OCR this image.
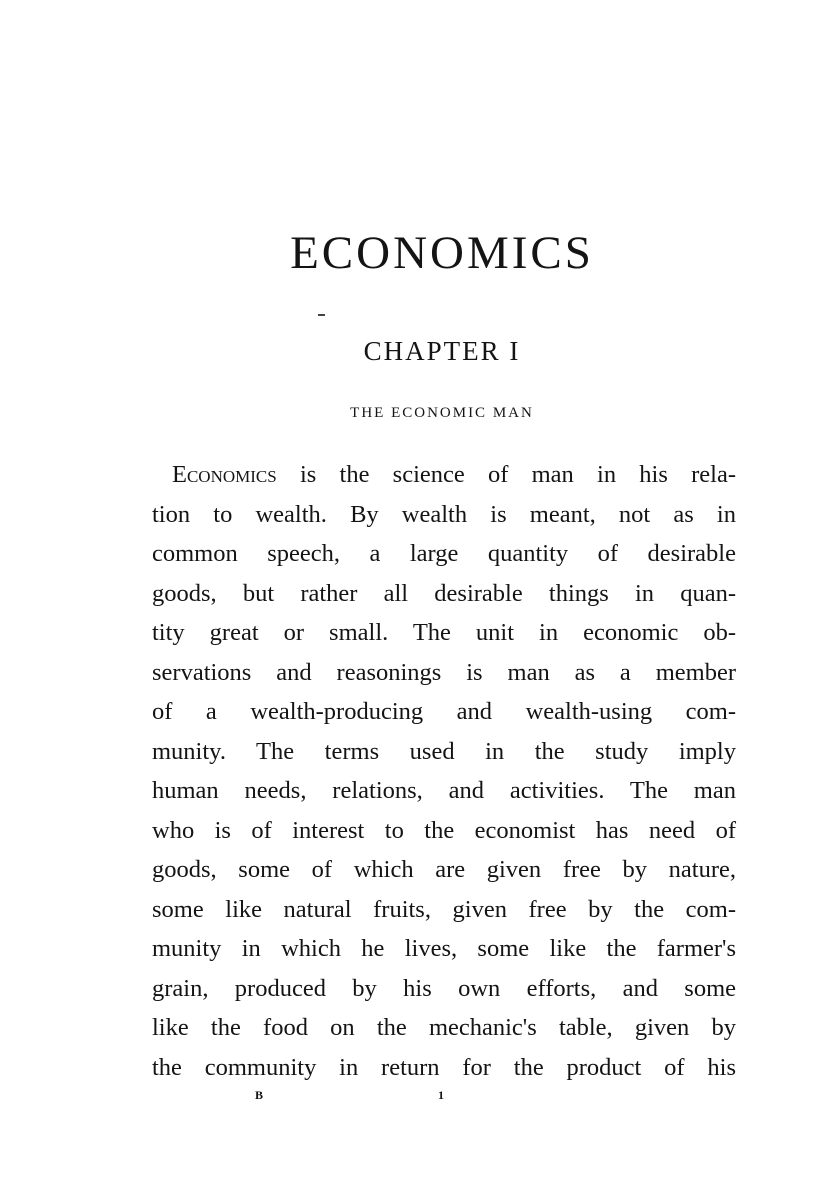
ECONOMICS
CHAPTER I
THE ECONOMIC MAN
Economics is the science of man in his rela-
tion to wealth. By wealth is meant, not as in
common speech, a large quantity of desirable
goods, but rather all desirable things in quan-
tity great or small. The unit in economic ob-
servations and reasonings is man as a member
of a wealth-producing and wealth-using com-
munity. The terms used in the study imply
human needs, relations, and activities. The man
who is of interest to the economist has need of
goods, some of which are given free by nature,
some like natural fruits, given free by the com-
munity in which he lives, some like the farmer's
grain, produced by his own efforts, and some
like the food on the mechanic's table, given by
the community in return for the product of his
B	1
